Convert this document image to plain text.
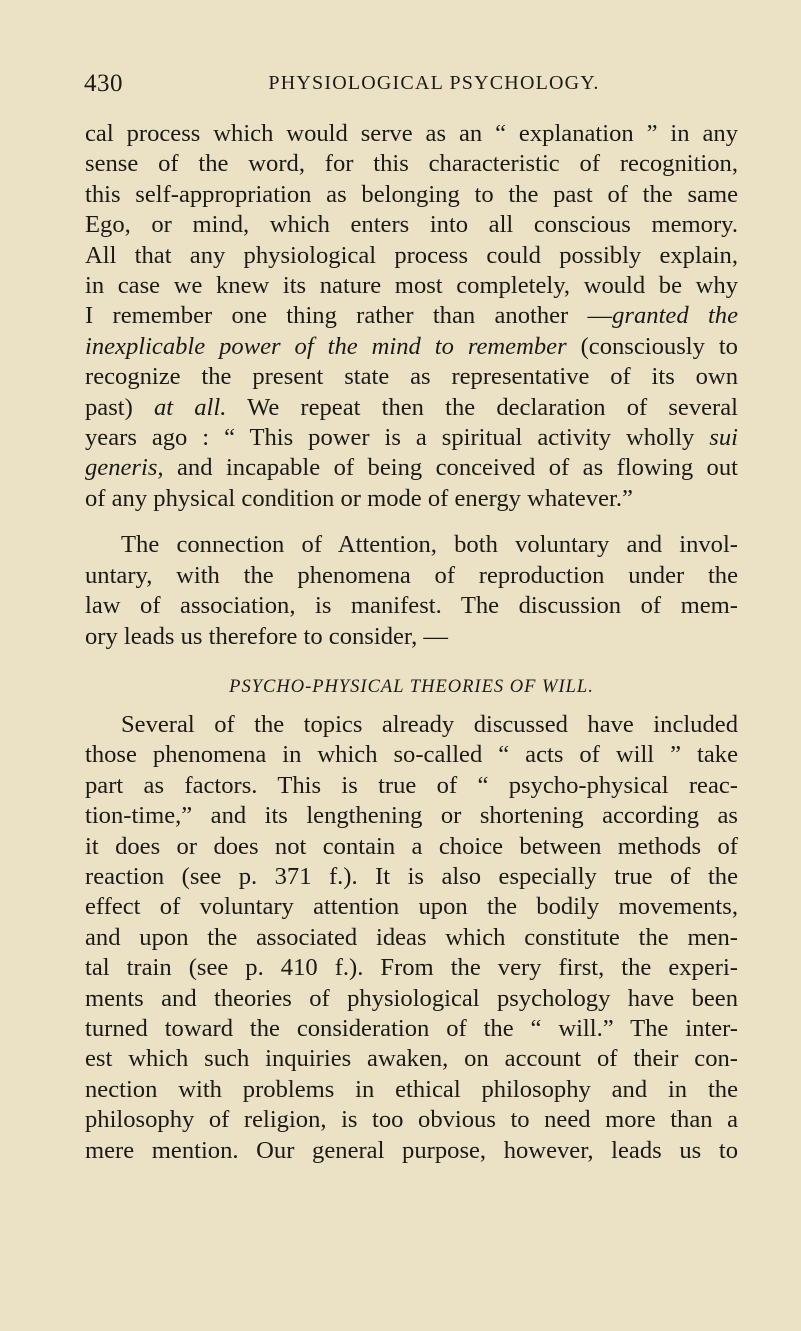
430	PHYSIOLOGICAL PSYCHOLOGY.

cal process which would serve as an “ explanation ” in any
sense of the word, for this characteristic of recognition,
this self-appropriation as belonging to the past of the same
Ego, or mind, which enters into all conscious memory.
All that any physiological process could possibly explain,
in case we knew its nature most completely, would be why
I remember one thing rather than another —granted the
inexplicable power of the mind to remember (consciously to
recognize the present state as representative of its own
past) at all. We repeat then the declaration of several
years ago : “ This power is a spiritual activity wholly sui
generis, and incapable of being conceived of as flowing out
of any physical condition or mode of energy whatever.”

The connection of Attention, both voluntary and invol-
untary, with the phenomena of reproduction under the
law of association, is manifest. The discussion of mem-
ory leads us therefore to consider, —

PSYCHO-PHYSICAL THEORIES OF WILL.

Several of the topics already discussed have included
those phenomena in which so-called “ acts of will ” take
part as factors. This is true of “ psycho-physical reac-
tion-time,” and its lengthening or shortening according as
it does or does not contain a choice between methods of
reaction (see p. 371 f.). It is also especially true of the
effect of voluntary attention upon the bodily movements,
and upon the associated ideas which constitute the men-
tal train (see p. 410 f.). From the very first, the experi-
ments and theories of physiological psychology have been
turned toward the consideration of the “ will.” The inter-
est which such inquiries awaken, on account of their con-
nection with problems in ethical philosophy and in the
philosophy of religion, is too obvious to need more than a
mere mention. Our general purpose, however, leads us to
